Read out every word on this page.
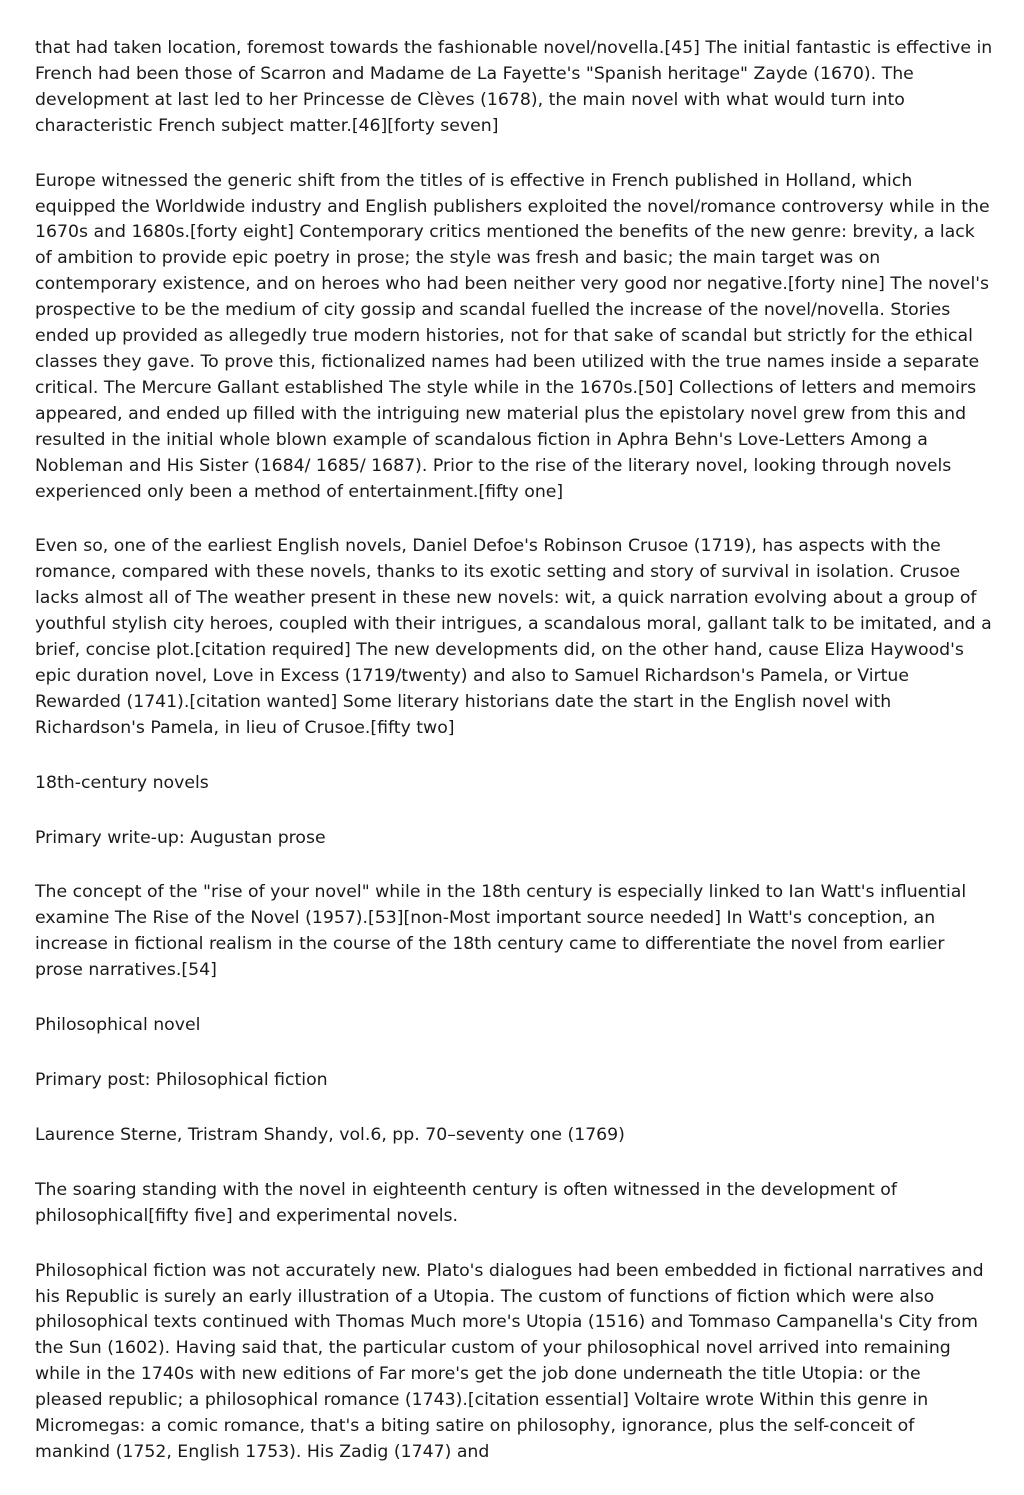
that had taken location, foremost towards the fashionable novel/novella.[45] The initial fantastic is effective in French had been those of Scarron and Madame de La Fayette's "Spanish heritage" Zayde (1670). The development at last led to her Princesse de Clèves (1678), the main novel with what would turn into characteristic French subject matter.[46][forty seven]

Europe witnessed the generic shift from the titles of is effective in French published in Holland, which equipped the Worldwide industry and English publishers exploited the novel/romance controversy while in the 1670s and 1680s.[forty eight] Contemporary critics mentioned the benefits of the new genre: brevity, a lack of ambition to provide epic poetry in prose; the style was fresh and basic; the main target was on contemporary existence, and on heroes who had been neither very good nor negative.[forty nine] The novel's prospective to be the medium of city gossip and scandal fuelled the increase of the novel/novella. Stories ended up provided as allegedly true modern histories, not for that sake of scandal but strictly for the ethical classes they gave. To prove this, fictionalized names had been utilized with the true names inside a separate critical. The Mercure Gallant established The style while in the 1670s.[50] Collections of letters and memoirs appeared, and ended up filled with the intriguing new material plus the epistolary novel grew from this and resulted in the initial whole blown example of scandalous fiction in Aphra Behn's Love-Letters Among a Nobleman and His Sister (1684/ 1685/ 1687). Prior to the rise of the literary novel, looking through novels experienced only been a method of entertainment.[fifty one]

Even so, one of the earliest English novels, Daniel Defoe's Robinson Crusoe (1719), has aspects with the romance, compared with these novels, thanks to its exotic setting and story of survival in isolation. Crusoe lacks almost all of The weather present in these new novels: wit, a quick narration evolving about a group of youthful stylish city heroes, coupled with their intrigues, a scandalous moral, gallant talk to be imitated, and a brief, concise plot.[citation required] The new developments did, on the other hand, cause Eliza Haywood's epic duration novel, Love in Excess (1719/twenty) and also to Samuel Richardson's Pamela, or Virtue Rewarded (1741).[citation wanted] Some literary historians date the start in the English novel with Richardson's Pamela, in lieu of Crusoe.[fifty two]

18th-century novels

Primary write-up: Augustan prose

The concept of the "rise of your novel" while in the 18th century is especially linked to Ian Watt's influential examine The Rise of the Novel (1957).[53][non-Most important source needed] In Watt's conception, an increase in fictional realism in the course of the 18th century came to differentiate the novel from earlier prose narratives.[54]

Philosophical novel

Primary post: Philosophical fiction

Laurence Sterne, Tristram Shandy, vol.6, pp. 70–seventy one (1769)

The soaring standing with the novel in eighteenth century is often witnessed in the development of philosophical[fifty five] and experimental novels.

Philosophical fiction was not accurately new. Plato's dialogues had been embedded in fictional narratives and his Republic is surely an early illustration of a Utopia. The custom of functions of fiction which were also philosophical texts continued with Thomas Much more's Utopia (1516) and Tommaso Campanella's City from the Sun (1602). Having said that, the particular custom of your philosophical novel arrived into remaining while in the 1740s with new editions of Far more's get the job done underneath the title Utopia: or the pleased republic; a philosophical romance (1743).[citation essential] Voltaire wrote Within this genre in Micromegas: a comic romance, that's a biting satire on philosophy, ignorance, plus the self-conceit of mankind (1752, English 1753). His Zadig (1747) and
